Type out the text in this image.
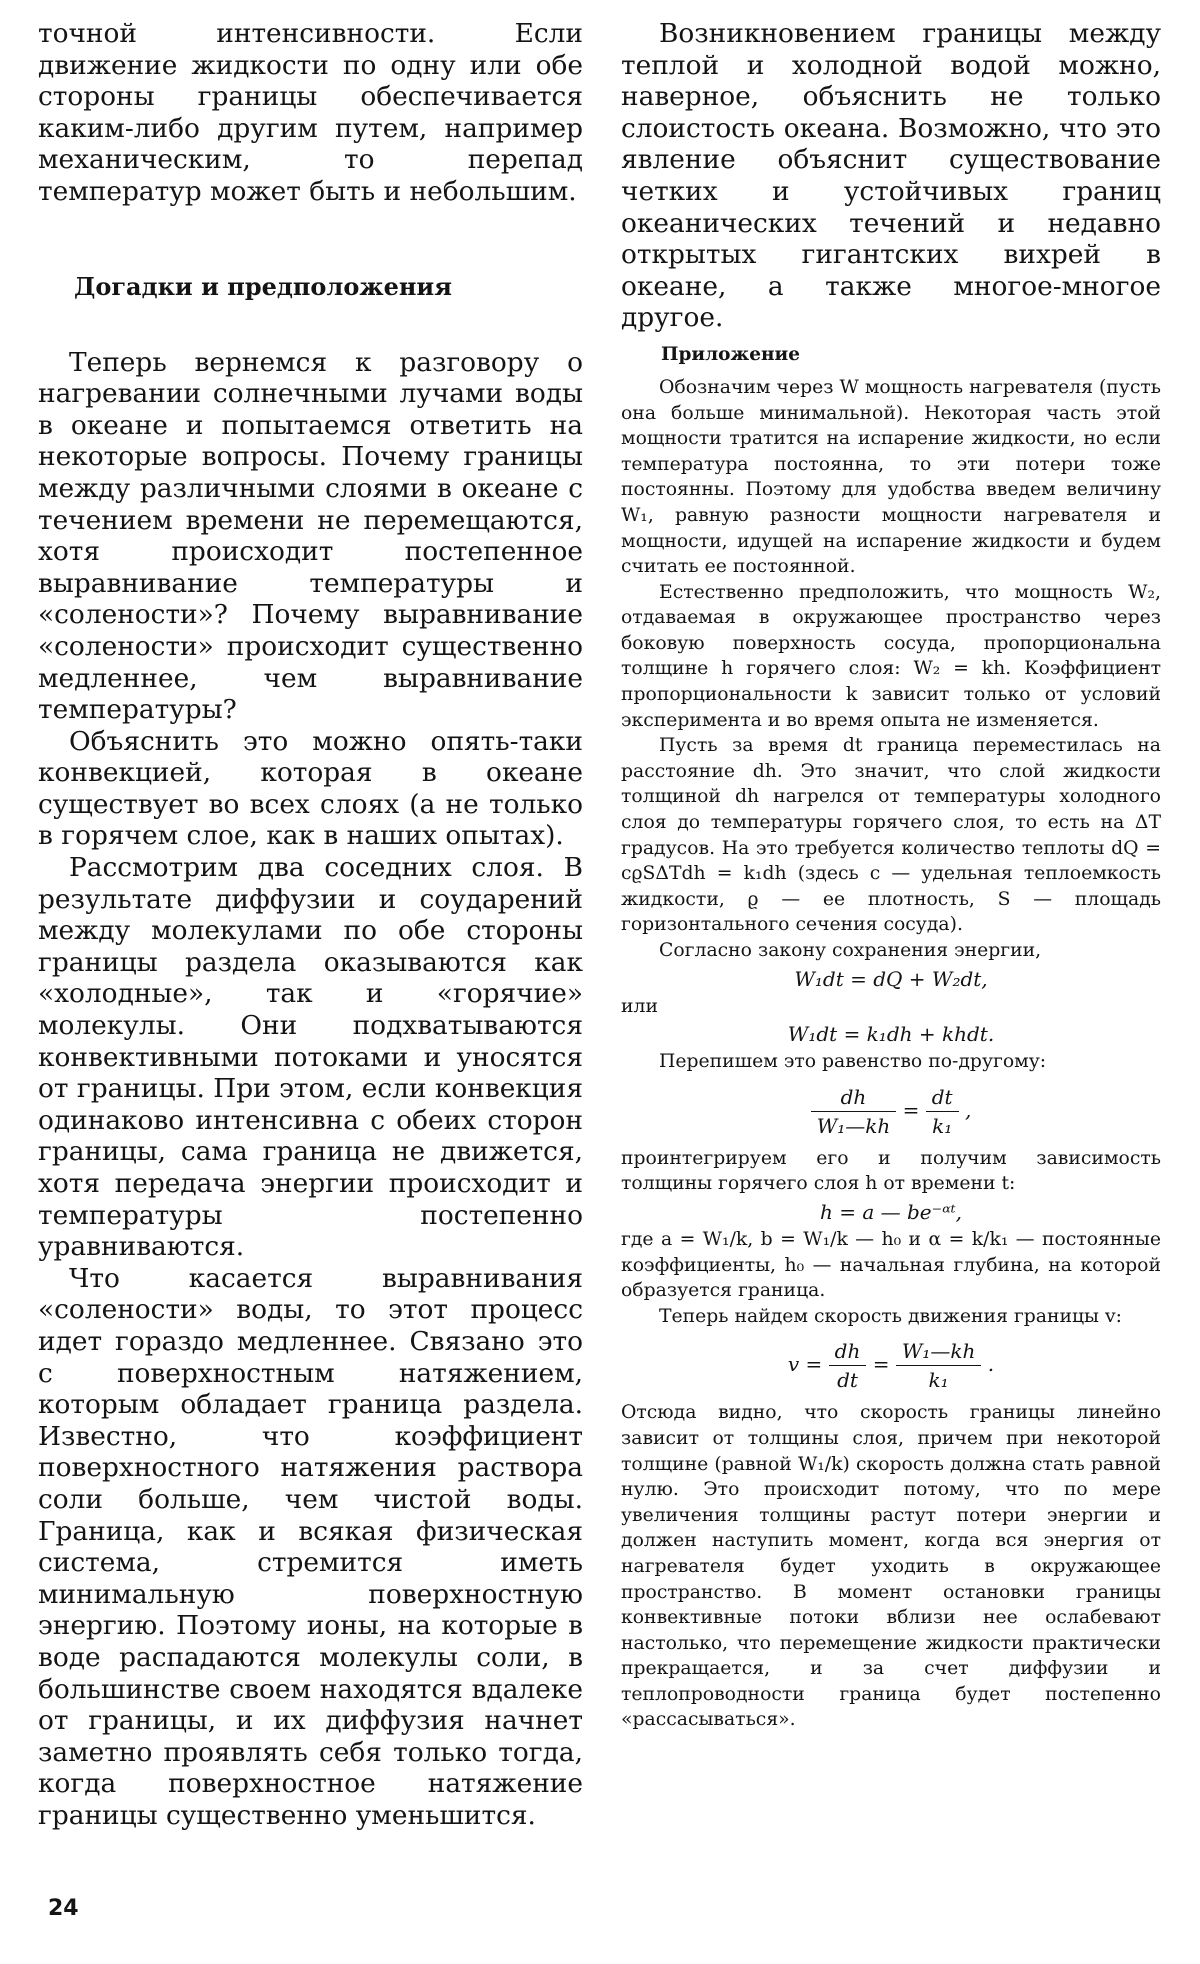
точной интенсивности. Если движение жидкости по одну или обе стороны границы обеспечивается каким-либо другим путем, например механическим, то перепад температур может быть и небольшим.

Догадки и предположения

Теперь вернемся к разговору о нагревании солнечными лучами воды в океане и попытаемся ответить на некоторые вопросы. Почему границы между различными слоями в океане с течением времени не перемещаются, хотя происходит постепенное выравнивание температуры и «солености»? Почему выравнивание «солености» происходит существенно медленнее, чем выравнивание температуры?

Объяснить это можно опять-таки конвекцией, которая в океане существует во всех слоях (а не только в горячем слое, как в наших опытах).

Рассмотрим два соседних слоя. В результате диффузии и соударений между молекулами по обе стороны границы раздела оказываются как «холодные», так и «горячие» молекулы. Они подхватываются конвективными потоками и уносятся от границы. При этом, если конвекция одинаково интенсивна с обеих сторон границы, сама граница не движется, хотя передача энергии происходит и температуры постепенно уравниваются.

Что касается выравнивания «солености» воды, то этот процесс идет гораздо медленнее. Связано это с поверхностным натяжением, которым обладает граница раздела. Известно, что коэффициент поверхностного натяжения раствора соли больше, чем чистой воды. Граница, как и всякая физическая система, стремится иметь минимальную поверхностную энергию. Поэтому ионы, на которые в воде распадаются молекулы соли, в большинстве своем находятся вдалеке от границы, и их диффузия начнет заметно проявлять себя только тогда, когда поверхностное натяжение границы существенно уменьшится.

Возникновением границы между теплой и холодной водой можно, наверное, объяснить не только слоистость океана. Возможно, что это явление объяснит существование четких и устойчивых границ океанических течений и недавно открытых гигантских вихрей в океане, а также многое-многое другое.

Приложение

Обозначим через W мощность нагревателя (пусть она больше минимальной). Некоторая часть этой мощности тратится на испарение жидкости, но если температура постоянна, то эти потери тоже постоянны. Поэтому для удобства введем величину W₁, равную разности мощности нагревателя и мощности, идущей на испарение жидкости и будем считать ее постоянной.

Естественно предположить, что мощность W₂, отдаваемая в окружающее пространство через боковую поверхность сосуда, пропорциональна толщине h горячего слоя: W₂ = kh. Коэффициент пропорциональности k зависит только от условий эксперимента и во время опыта не изменяется.

Пусть за время dt граница переместилась на расстояние dh. Это значит, что слой жидкости толщиной dh нагрелся от температуры холодного слоя до температуры горячего слоя, то есть на ΔT градусов. На это требуется количество теплоты dQ = cϱSΔTdh = k₁dh (здесь c — удельная теплоемкость жидкости, ϱ — ее плотность, S — площадь горизонтального сечения сосуда).

Согласно закону сохранения энергии,

W₁dt = dQ + W₂dt,

или

W₁dt = k₁dh + khdt.

Перепишем это равенство по-другому:

$\frac{dh}{\text{W₁—kh}} = \frac{dt}{\text{k₁}}$ ,

проинтегрируем его и получим зависимость толщины горячего слоя h от времени t:

h = a — be⁻ᵅᵗ,

где a = W₁/k, b = W₁/k — h₀ и α = k/k₁ — постоянные коэффициенты, h₀ — начальная глубина, на которой образуется граница.

Теперь найдем скорость движения границы v:

$v = \frac{dh}{dt} = \frac{\text{W₁—kh}}{\text{k₁}}$ .

Отсюда видно, что скорость границы линейно зависит от толщины слоя, причем при некоторой толщине (равной W₁/k) скорость должна стать равной нулю. Это происходит потому, что по мере увеличения толщины растут потери энергии и должен наступить момент, когда вся энергия от нагревателя будет уходить в окружающее пространство. В момент остановки границы конвективные потоки вблизи нее ослабевают настолько, что перемещение жидкости практически прекращается, и за счет диффузии и теплопроводности граница будет постепенно «рассасываться».

24
